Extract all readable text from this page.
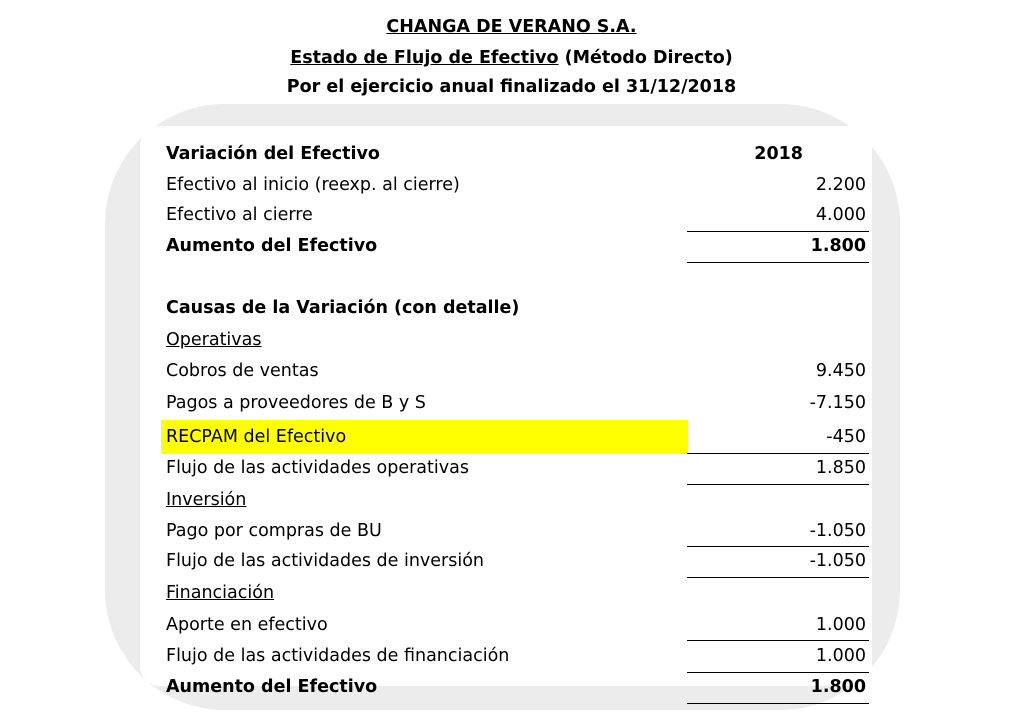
CHANGA DE VERANO S.A.
Estado de Flujo de Efectivo (Método Directo)
Por el ejercicio anual finalizado el 31/12/2018
Variación del Efectivo	2018
Efectivo al inicio (reexp. al cierre)	2.200
Efectivo al cierre	4.000
Aumento del Efectivo	1.800
Causas de la Variación (con detalle)
Operativas
Cobros de ventas	9.450
Pagos a proveedores de B y S	-7.150
RECPAM del Efectivo	-450
Flujo de las actividades operativas	1.850
Inversión
Pago por compras de BU	-1.050
Flujo de las actividades de inversión	-1.050
Financiación
Aporte en efectivo	1.000
Flujo de las actividades de financiación	1.000
Aumento del Efectivo	1.800
